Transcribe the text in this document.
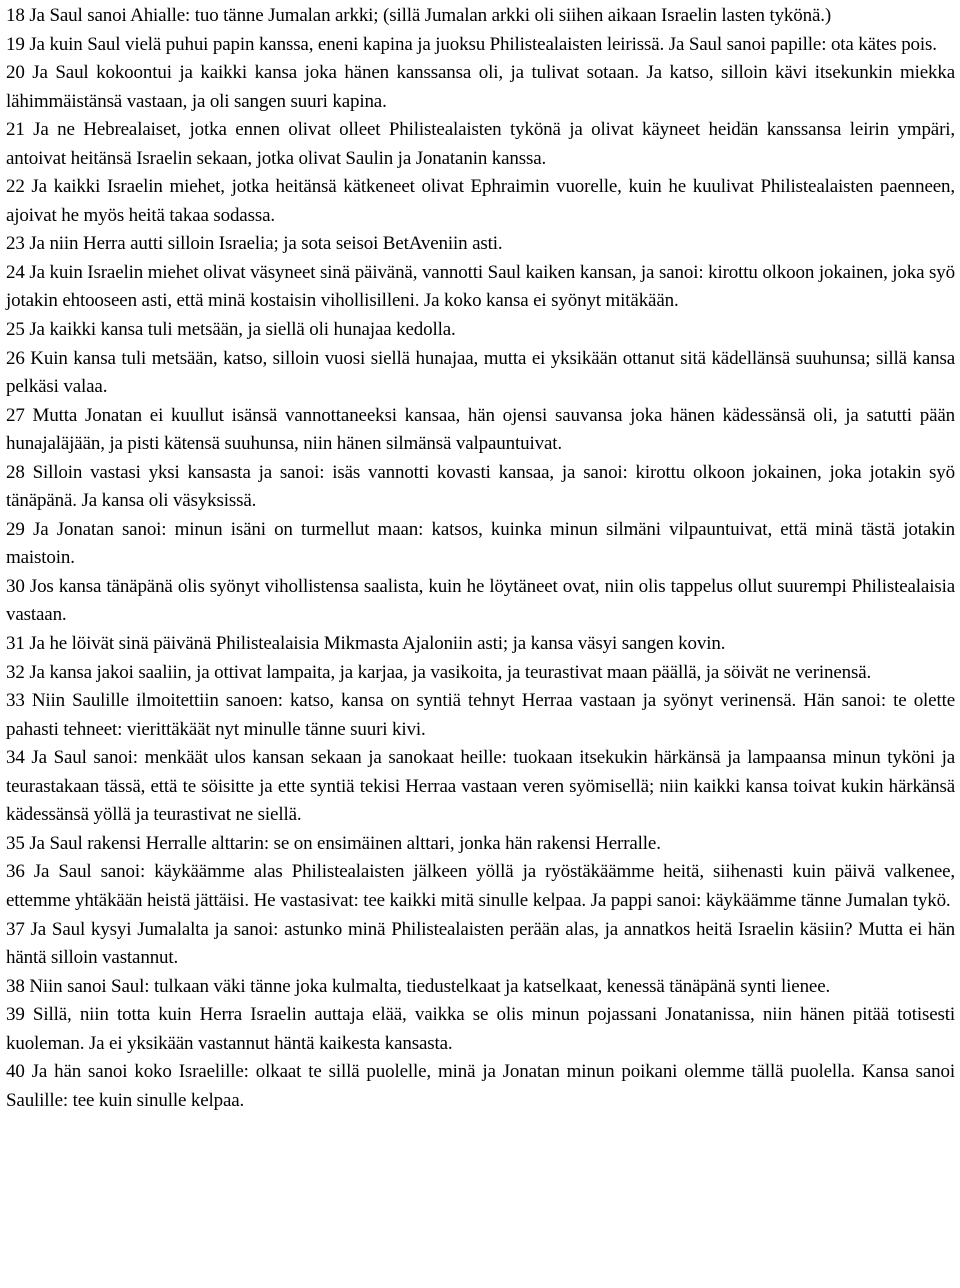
18 Ja Saul sanoi Ahialle: tuo tänne Jumalan arkki; (sillä Jumalan arkki oli siihen aikaan Israelin lasten tykönä.)

19 Ja kuin Saul vielä puhui papin kanssa, eneni kapina ja juoksu Philistealaisten leirissä. Ja Saul sanoi papille: ota kätes pois.

20 Ja Saul kokoontui ja kaikki kansa joka hänen kanssansa oli, ja tulivat sotaan. Ja katso, silloin kävi itsekunkin miekka lähimmäistänsä vastaan, ja oli sangen suuri kapina.

21 Ja ne Hebrealaiset, jotka ennen olivat olleet Philistealaisten tykönä ja olivat käyneet heidän kanssansa leirin ympäri, antoivat heitänsä Israelin sekaan, jotka olivat Saulin ja Jonatanin kanssa.

22 Ja kaikki Israelin miehet, jotka heitänsä kätkeneet olivat Ephraimin vuorelle, kuin he kuulivat Philistealaisten paenneen, ajoivat he myös heitä takaa sodassa.

23 Ja niin Herra autti silloin Israelia; ja sota seisoi BetAveniin asti.

24 Ja kuin Israelin miehet olivat väsyneet sinä päivänä, vannotti Saul kaiken kansan, ja sanoi: kirottu olkoon jokainen, joka syö jotakin ehtooseen asti, että minä kostaisin vihollisilleni. Ja koko kansa ei syönyt mitäkään.

25 Ja kaikki kansa tuli metsään, ja siellä oli hunajaa kedolla.

26 Kuin kansa tuli metsään, katso, silloin vuosi siellä hunajaa, mutta ei yksikään ottanut sitä kädellänsä suuhunsa; sillä kansa pelkäsi valaa.

27 Mutta Jonatan ei kuullut isänsä vannottaneeksi kansaa, hän ojensi sauvansa joka hänen kädessänsä oli, ja satutti pään hunajaläjään, ja pisti kätensä suuhunsa, niin hänen silmänsä valpauntuivat.

28 Silloin vastasi yksi kansasta ja sanoi: isäs vannotti kovasti kansaa, ja sanoi: kirottu olkoon jokainen, joka jotakin syö tänäpänä. Ja kansa oli väsyksissä.

29 Ja Jonatan sanoi: minun isäni on turmellut maan: katsos, kuinka minun silmäni vilpauntuivat, että minä tästä jotakin maistoin.

30 Jos kansa tänäpänä olis syönyt vihollistensa saalista, kuin he löytäneet ovat, niin olis tappelus ollut suurempi Philistealaisia vastaan.

31 Ja he löivät sinä päivänä Philistealaisia Mikmasta Ajaloniin asti; ja kansa väsyi sangen kovin.

32 Ja kansa jakoi saaliin, ja ottivat lampaita, ja karjaa, ja vasikoita, ja teurastivat maan päällä, ja söivät ne verinensä.

33 Niin Saulille ilmoitettiin sanoen: katso, kansa on syntiä tehnyt Herraa vastaan ja syönyt verinensä. Hän sanoi: te olette pahasti tehneet: vierittäkäät nyt minulle tänne suuri kivi.

34 Ja Saul sanoi: menkäät ulos kansan sekaan ja sanokaat heille: tuokaan itsekukin härkänsä ja lampaansa minun tyköni ja teurastakaan tässä, että te söisitte ja ette syntiä tekisi Herraa vastaan veren syömisellä; niin kaikki kansa toivat kukin härkänsä kädessänsä yöllä ja teurastivat ne siellä.

35 Ja Saul rakensi Herralle alttarin: se on ensimäinen alttari, jonka hän rakensi Herralle.

36 Ja Saul sanoi: käykäämme alas Philistealaisten jälkeen yöllä ja ryöstäkäämme heitä, siihenasti kuin päivä valkenee, ettemme yhtäkään heistä jättäisi. He vastasivat: tee kaikki mitä sinulle kelpaa. Ja pappi sanoi: käykäämme tänne Jumalan tykö.

37 Ja Saul kysyi Jumalalta ja sanoi: astunko minä Philistealaisten perään alas, ja annatkos heitä Israelin käsiin? Mutta ei hän häntä silloin vastannut.

38 Niin sanoi Saul: tulkaan väki tänne joka kulmalta, tiedustelkaat ja katselkaat, kenessä tänäpänä synti lienee.

39 Sillä, niin totta kuin Herra Israelin auttaja elää, vaikka se olis minun pojassani Jonatanissa, niin hänen pitää totisesti kuoleman. Ja ei yksikään vastannut häntä kaikesta kansasta.

40 Ja hän sanoi koko Israelille: olkaat te sillä puolelle, minä ja Jonatan minun poikani olemme tällä puolella. Kansa sanoi Saulille: tee kuin sinulle kelpaa.
